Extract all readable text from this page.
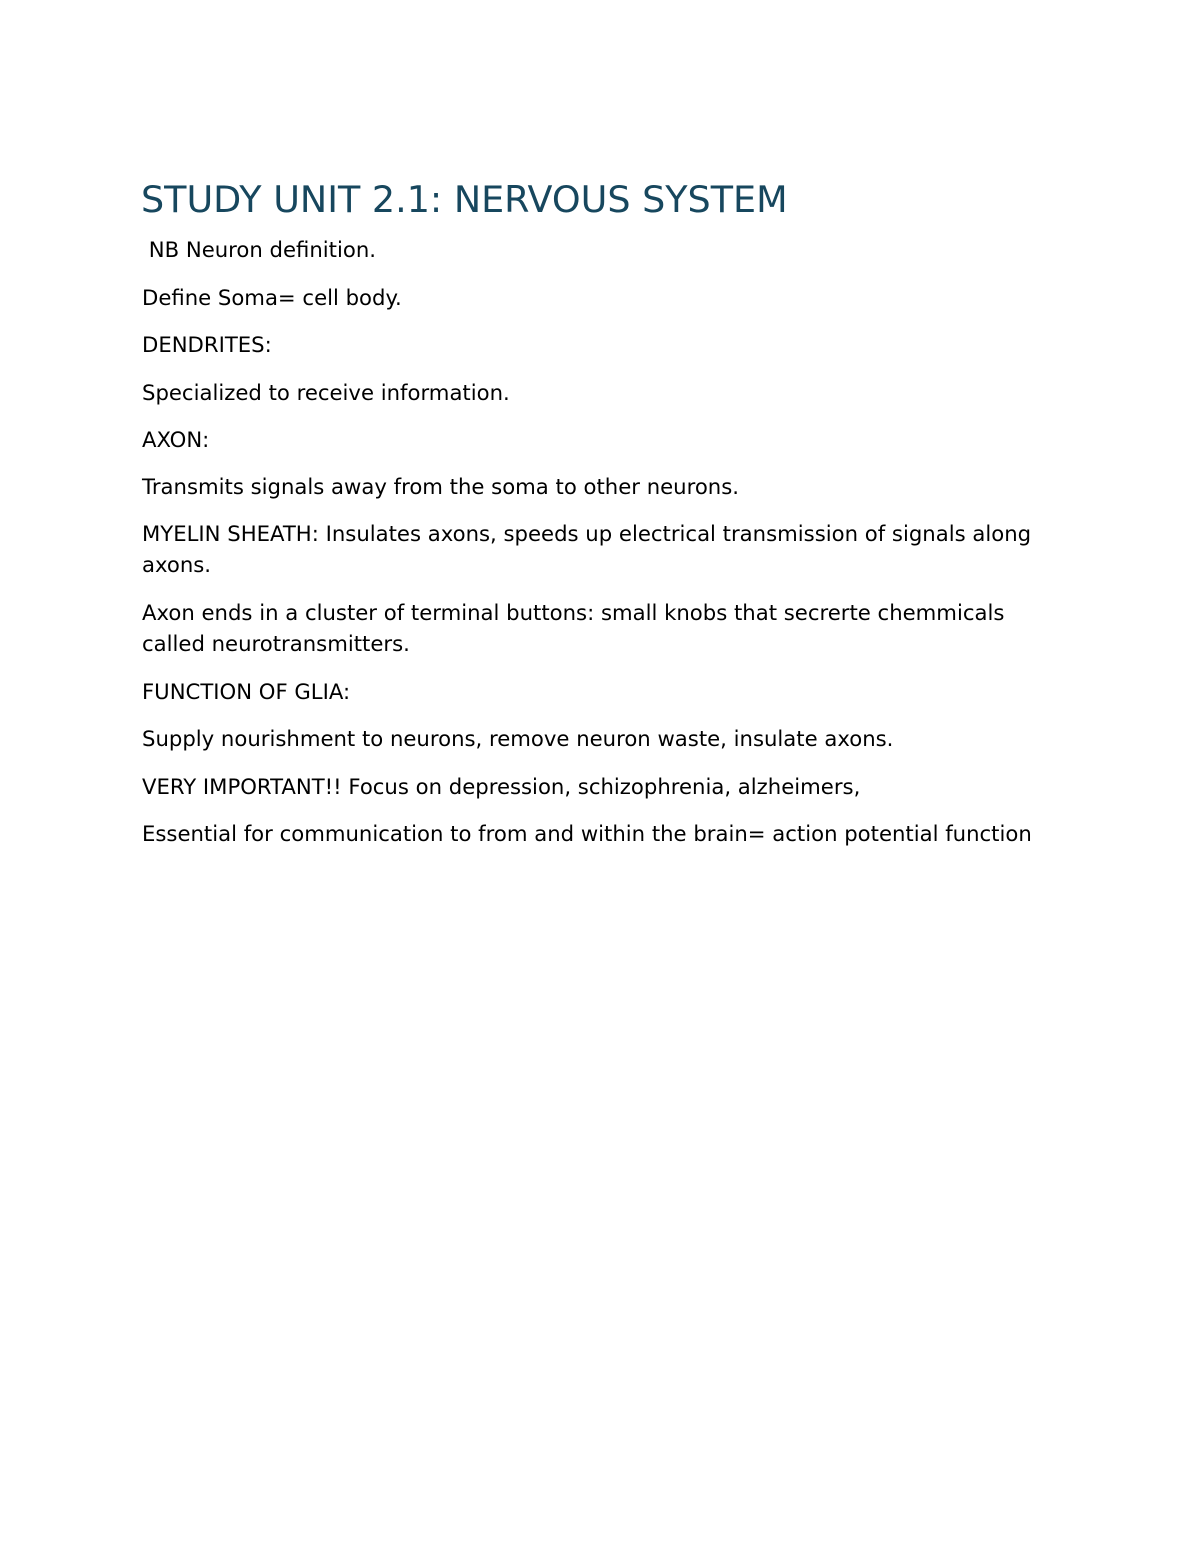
STUDY UNIT 2.1: NERVOUS SYSTEM

NB Neuron definition.

Define Soma= cell body.

DENDRITES:

Specialized to receive information.

AXON:

Transmits signals away from the soma to other neurons.

MYELIN SHEATH: Insulates axons, speeds up electrical transmission of signals along axons.

Axon ends in a cluster of terminal buttons: small knobs that secrerte chemmicals called neurotransmitters.

FUNCTION OF GLIA:

Supply nourishment to neurons, remove neuron waste, insulate axons.

VERY IMPORTANT!! Focus on depression, schizophrenia, alzheimers,

Essential for communication to from and within the brain= action potential function
